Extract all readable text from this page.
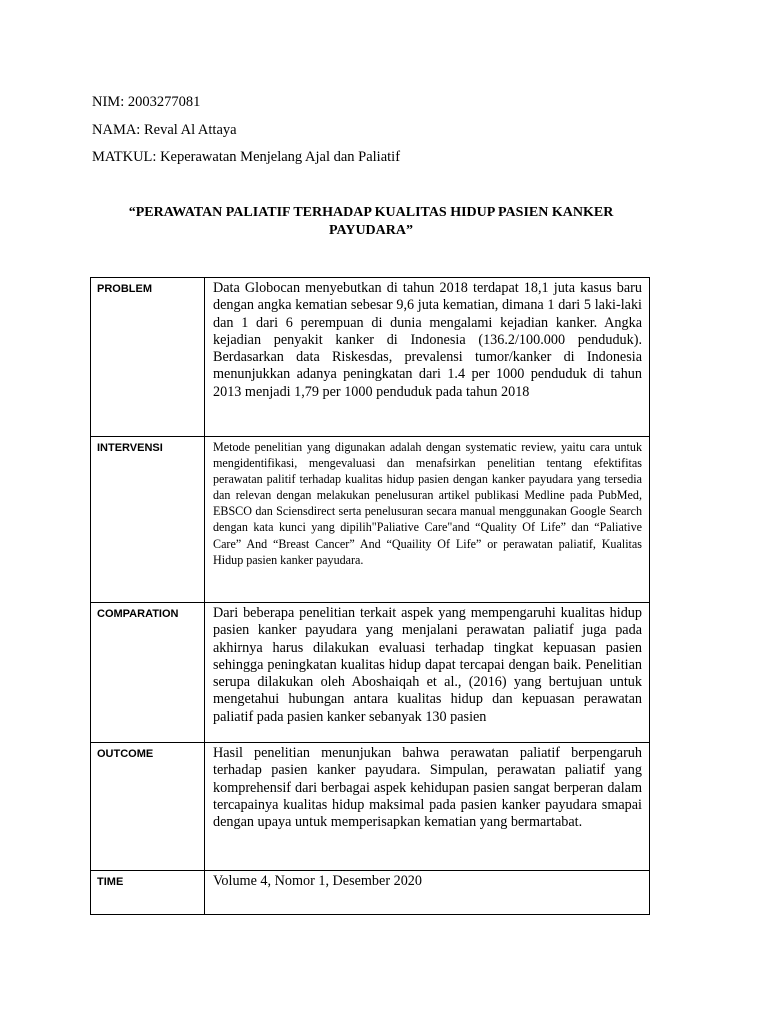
NIM: 2003277081
NAMA: Reval Al Attaya
MATKUL: Keperawatan Menjelang Ajal dan Paliatif
“PERAWATAN PALIATIF TERHADAP KUALITAS HIDUP PASIEN KANKER PAYUDARA”
PROBLEM	Data Globocan menyebutkan di tahun 2018 terdapat 18,1 juta kasus baru dengan angka kematian sebesar 9,6 juta kematian, dimana 1 dari 5 laki-laki dan 1 dari 6 perempuan di dunia mengalami kejadian kanker. Angka kejadian penyakit kanker di Indonesia (136.2/100.000 penduduk). Berdasarkan data Riskesdas, prevalensi tumor/kanker di Indonesia menunjukkan adanya peningkatan dari 1.4 per 1000 penduduk di tahun 2013 menjadi 1,79 per 1000 penduduk pada tahun 2018

INTERVENSI	Metode penelitian yang digunakan adalah dengan systematic review, yaitu cara untuk mengidentifikasi, mengevaluasi dan menafsirkan penelitian tentang efektifitas perawatan palitif terhadap kualitas hidup pasien dengan kanker payudara yang tersedia dan relevan dengan melakukan penelusuran artikel publikasi Medline pada PubMed, EBSCO dan Sciensdirect serta penelusuran secara manual menggunakan Google Search dengan kata kunci yang dipilih"Paliative Care"and “Quality Of Life” dan “Paliative Care” And “Breast Cancer” And “Quaility Of Life” or perawatan paliatif, Kualitas Hidup pasien kanker payudara.

COMPARATION	Dari beberapa penelitian terkait aspek yang mempengaruhi kualitas hidup pasien kanker payudara yang menjalani perawatan paliatif juga pada akhirnya harus dilakukan evaluasi terhadap tingkat kepuasan pasien sehingga peningkatan kualitas hidup dapat tercapai dengan baik. Penelitian serupa dilakukan oleh Aboshaiqah et al., (2016) yang bertujuan untuk mengetahui hubungan antara kualitas hidup dan kepuasan perawatan paliatif pada pasien kanker sebanyak 130 pasien

OUTCOME	Hasil penelitian menunjukan bahwa perawatan paliatif berpengaruh terhadap pasien kanker payudara. Simpulan, perawatan paliatif yang komprehensif dari berbagai aspek kehidupan pasien sangat berperan dalam tercapainya kualitas hidup maksimal pada pasien kanker payudara smapai dengan upaya untuk memperisapkan kematian yang bermartabat.

TIME	Volume 4, Nomor 1, Desember 2020
